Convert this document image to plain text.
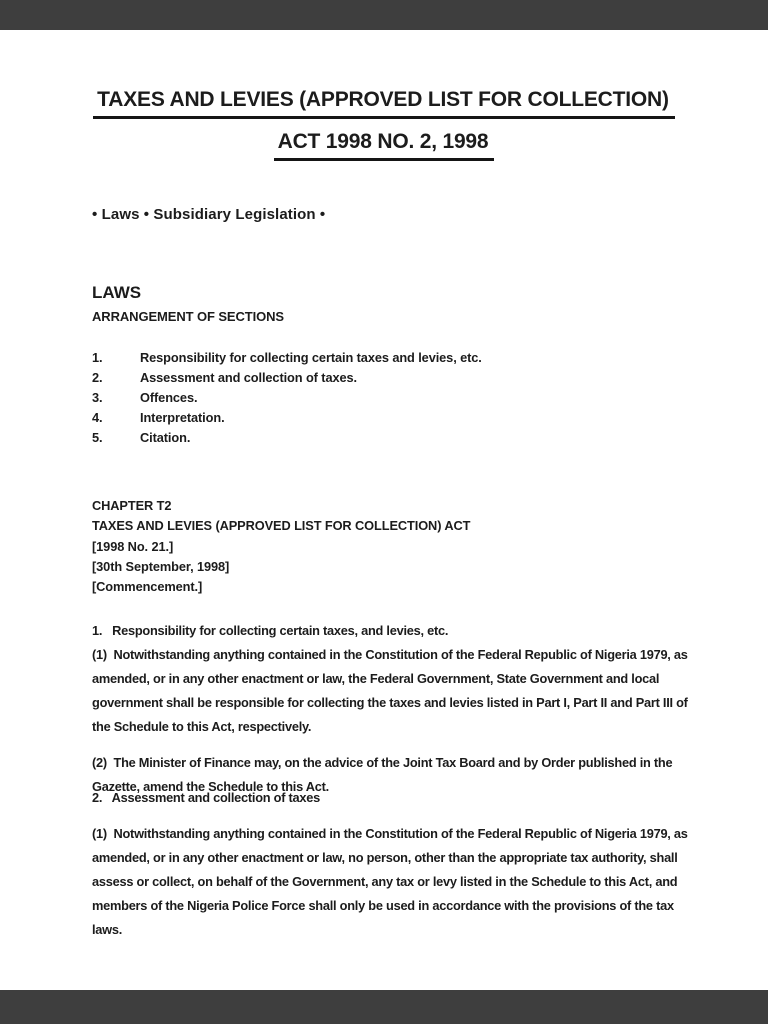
TAXES AND LEVIES (APPROVED LIST FOR COLLECTION)
ACT 1998 NO. 2, 1998
• Laws • Subsidiary Legislation •
LAWS
ARRANGEMENT OF SECTIONS
1.	Responsibility for collecting certain taxes and levies, etc.
2.	Assessment and collection of taxes.
3.	Offences.
4.	Interpretation.
5.	Citation.
CHAPTER T2
TAXES AND LEVIES (APPROVED LIST FOR COLLECTION) ACT
[1998 No. 21.]
[30th September, 1998]
[Commencement.]
1.   Responsibility for collecting certain taxes, and levies, etc.
(1)  Notwithstanding anything contained in the Constitution of the Federal Republic of Nigeria 1979, as amended, or in any other enactment or law, the Federal Government, State Government and local government shall be responsible for collecting the taxes and levies listed in Part I, Part II and Part III of the Schedule to this Act, respectively.
(2)  The Minister of Finance may, on the advice of the Joint Tax Board and by Order published in the Gazette, amend the Schedule to this Act.
2.   Assessment and collection of taxes
(1)  Notwithstanding anything contained in the Constitution of the Federal Republic of Nigeria 1979, as amended, or in any other enactment or law, no person, other than the appropriate tax authority, shall assess or collect, on behalf of the Government, any tax or levy listed in the Schedule to this Act, and members of the Nigeria Police Force shall only be used in accordance with the provisions of the tax laws.
